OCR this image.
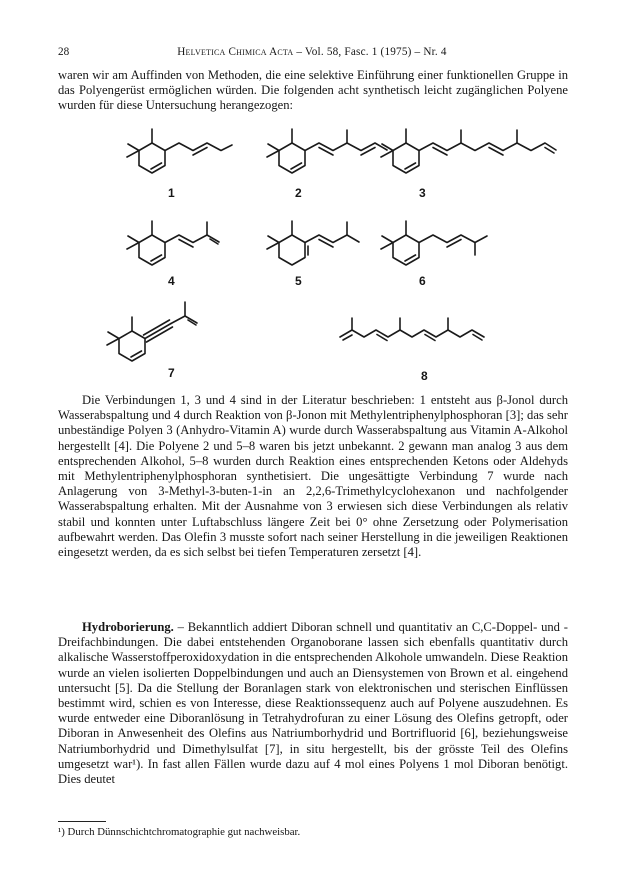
28	Helvetica Chimica Acta – Vol. 58, Fasc. 1 (1975) – Nr. 4

waren wir am Auffinden von Methoden, die eine selektive Einführung einer funktionellen Gruppe in das Polyengerüst ermöglichen würden. Die folgenden acht synthetisch leicht zugänglichen Polyene wurden für diese Untersuchung herangezogen:

1	2	3
4	5	6
7	8

Die Verbindungen 1, 3 und 4 sind in der Literatur beschrieben: 1 entsteht aus β-Jonol durch Wasserabspaltung und 4 durch Reaktion von β-Jonon mit Methylentriphenylphosphoran [3]; das sehr unbeständige Polyen 3 (Anhydro-Vitamin A) wurde durch Wasserabspaltung aus Vitamin A-Alkohol hergestellt [4]. Die Polyene 2 und 5–8 waren bis jetzt unbekannt. 2 gewann man analog 3 aus dem entsprechenden Alkohol, 5–8 wurden durch Reaktion eines entsprechenden Ketons oder Aldehyds mit Methylentriphenylphosphoran synthetisiert. Die ungesättigte Verbindung 7 wurde nach Anlagerung von 3-Methyl-3-buten-1-in an 2,2,6-Trimethylcyclohexanon und nachfolgender Wasserabspaltung erhalten. Mit der Ausnahme von 3 erwiesen sich diese Verbindungen als relativ stabil und konnten unter Luftabschluss längere Zeit bei 0° ohne Zersetzung oder Polymerisation aufbewahrt werden. Das Olefin 3 musste sofort nach seiner Herstellung in die jeweiligen Reaktionen eingesetzt werden, da es sich selbst bei tiefen Temperaturen zersetzt [4].

Hydroborierung. – Bekanntlich addiert Diboran schnell und quantitativ an C,C-Doppel- und -Dreifachbindungen. Die dabei entstehenden Organoborane lassen sich ebenfalls quantitativ durch alkalische Wasserstoffperoxidoxydation in die entsprechenden Alkohole umwandeln. Diese Reaktion wurde an vielen isolierten Doppelbindungen und auch an Diensystemen von Brown et al. eingehend untersucht [5]. Da die Stellung der Boranlagen stark von elektronischen und sterischen Einflüssen bestimmt wird, schien es von Interesse, diese Reaktionssequenz auch auf Polyene auszudehnen. Es wurde entweder eine Diboranlösung in Tetrahydrofuran zu einer Lösung des Olefins getropft, oder Diboran in Anwesenheit des Olefins aus Natriumborhydrid und Bortrifluorid [6], beziehungsweise Natriumborhydrid und Dimethylsulfat [7], in situ hergestellt, bis der grösste Teil des Olefins umgesetzt war¹). In fast allen Fällen wurde dazu auf 4 mol eines Polyens 1 mol Diboran benötigt. Dies deutet

¹) Durch Dünnschichtchromatographie gut nachweisbar.
